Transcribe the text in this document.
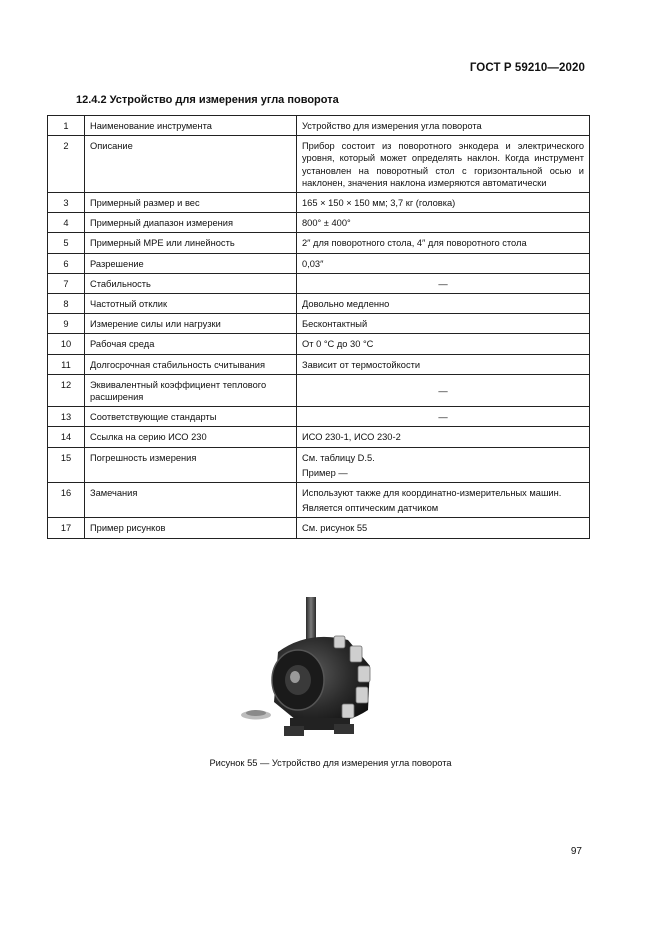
ГОСТ Р 59210—2020
12.4.2 Устройство для измерения угла поворота
1	Наименование инструмента	Устройство для измерения угла поворота

2	Описание	Прибор состоит из поворотного энкодера и электрического уровня, который может определять наклон. Когда инструмент установлен на поворотный стол с горизонтальной осью и наклонен, значения наклона измеряются автоматически

3	Примерный размер и вес	165 × 150 × 150 мм; 3,7 кг (головка)

4	Примерный диапазон измерения	800° ± 400°

5	Примерный МРЕ или линейность	2″ для поворотного стола, 4″ для поворотного стола

6	Разрешение	0,03″

7	Стабильность	—

8	Частотный отклик	Довольно медленно

9	Измерение силы или нагрузки	Бесконтактный

10	Рабочая среда	От 0 °С до 30 °С

11	Долгосрочная стабильность считывания	Зависит от термостойкости

12	Эквивалентный коэффициент теплового расширения	—

13	Соответствующие стандарты	—

14	Ссылка на серию ИСО 230	ИСО 230-1, ИСО 230-2

15	Погрешность измерения	См. таблицу D.5.

Пример —

16	Замечания	Используют также для координатно-измерительных машин.

Является оптическим датчиком

17	Пример рисунков	См. рисунок 55

Рисунок 55 — Устройство для измерения угла поворота
97
